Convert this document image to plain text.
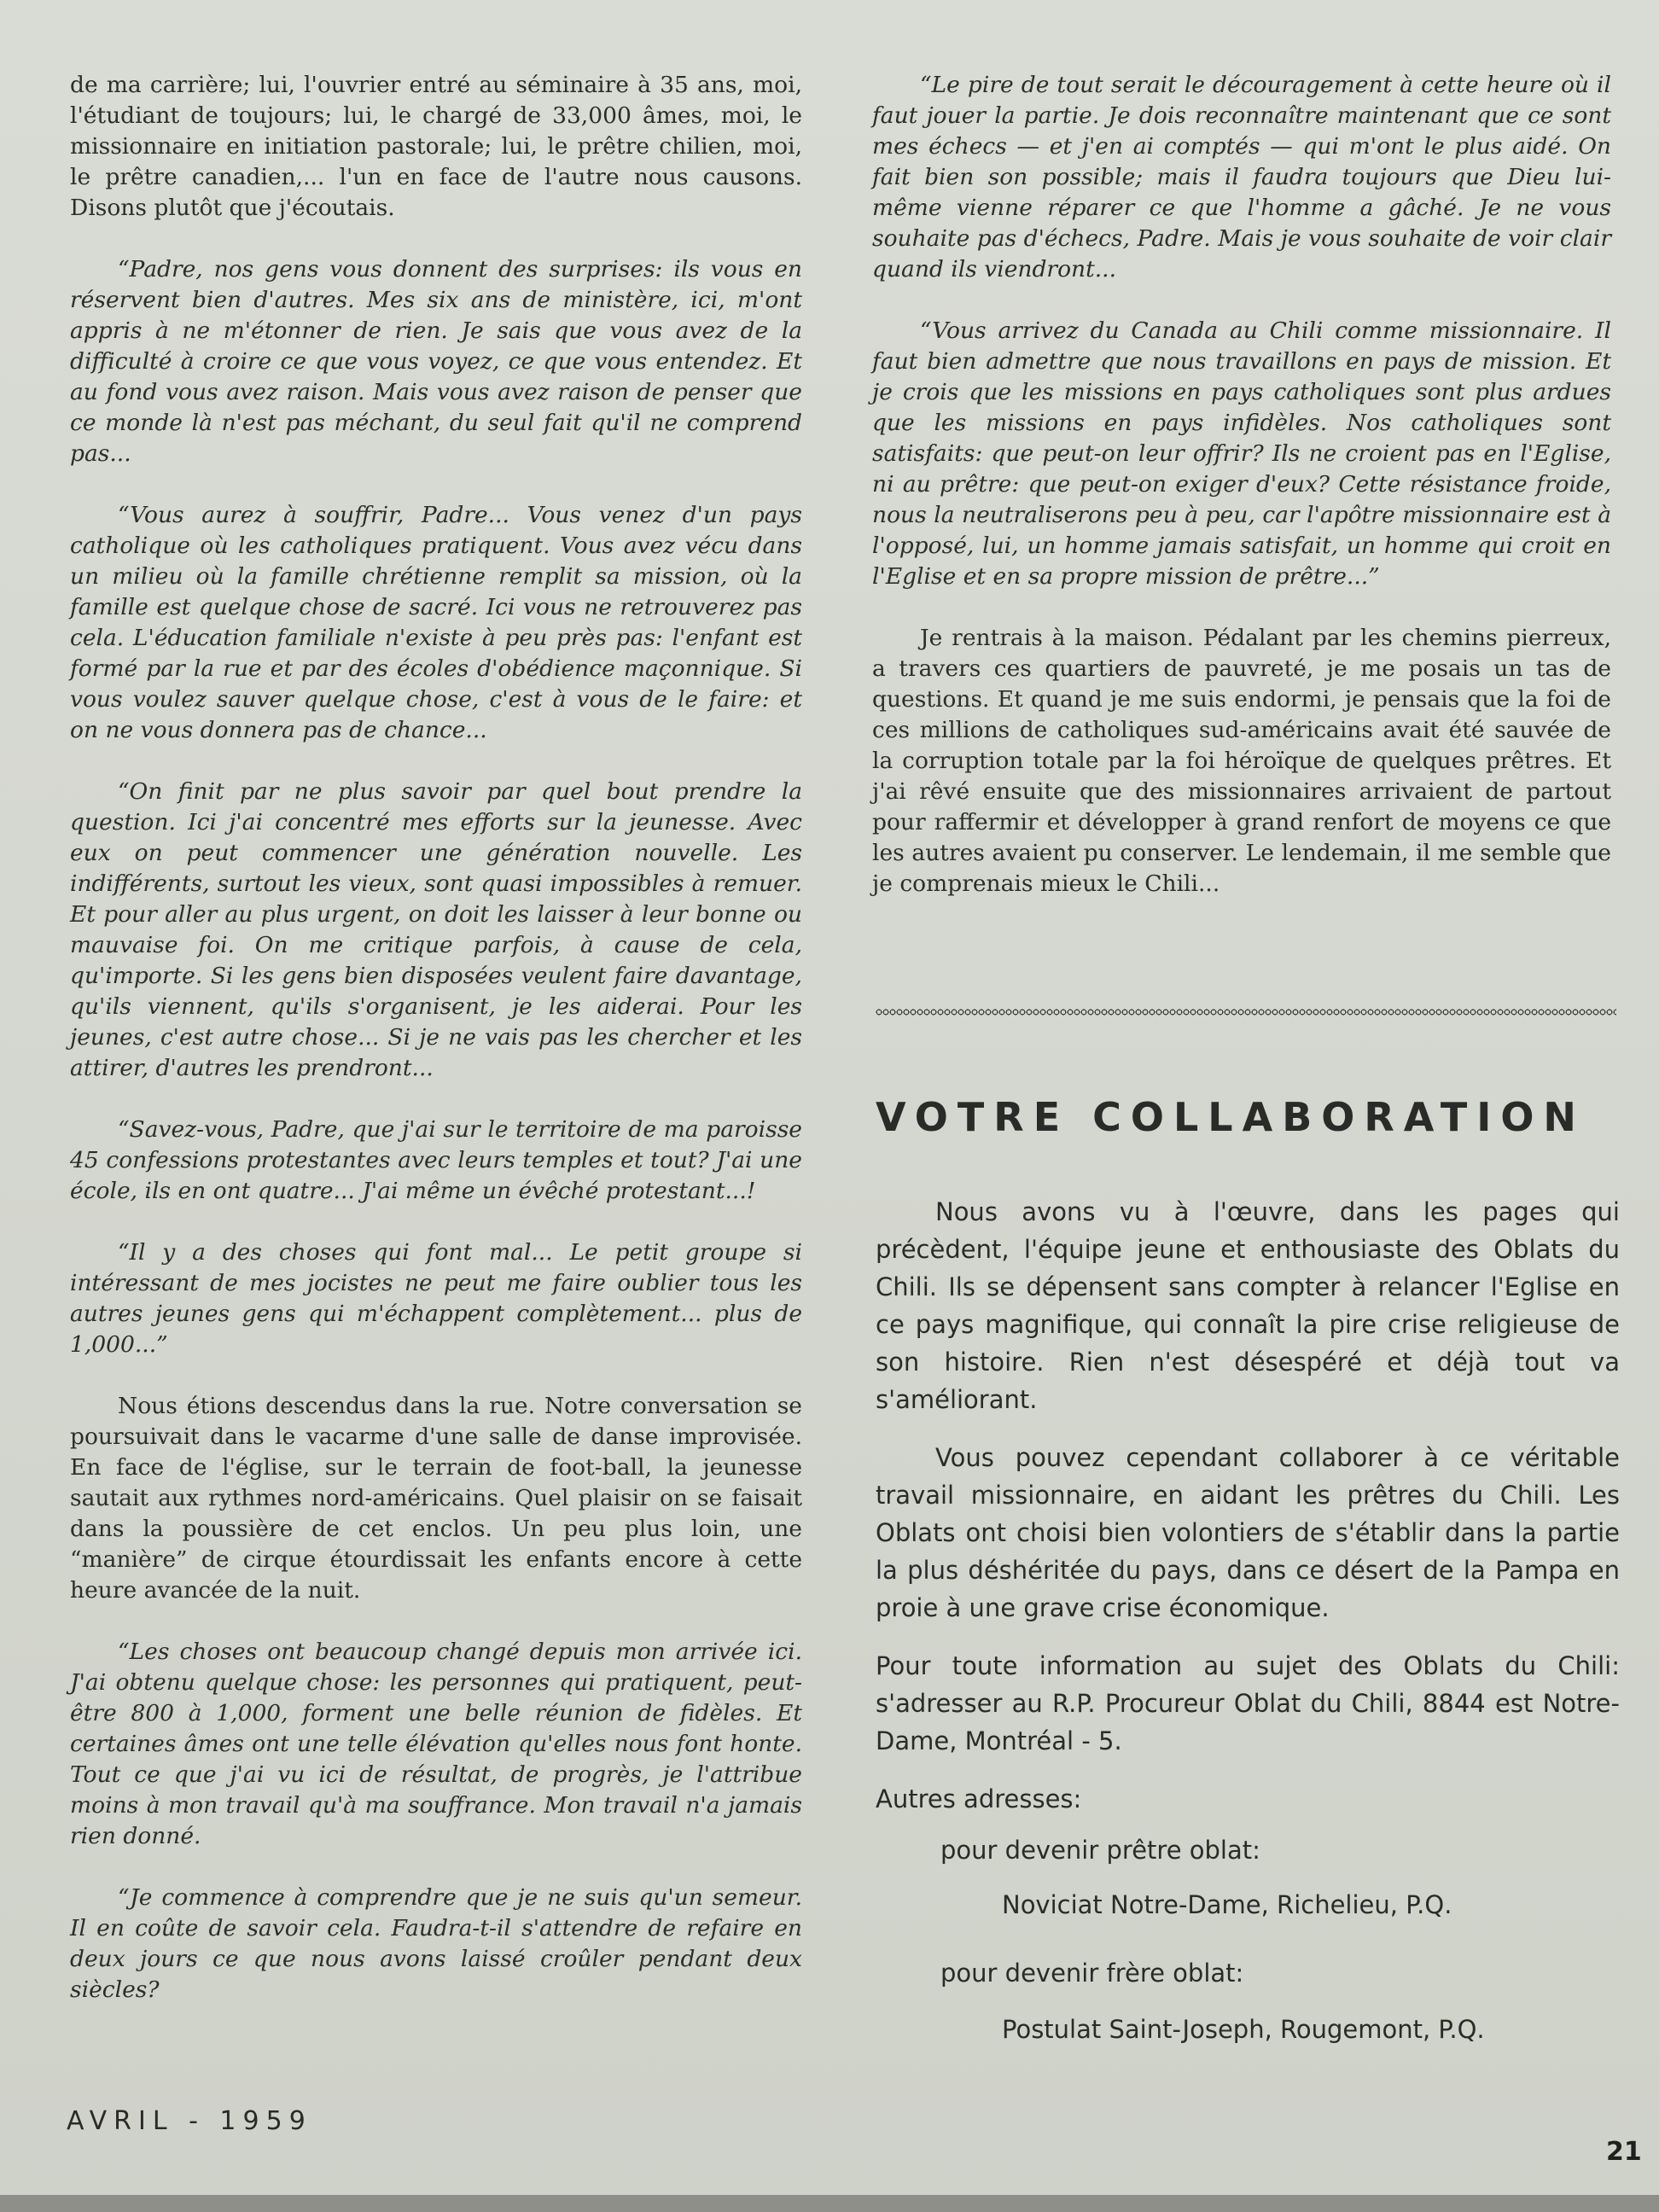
de ma carrière; lui, l'ouvrier entré au séminaire à 35 ans, moi, l'étudiant de toujours; lui, le chargé de 33,000 âmes, moi, le missionnaire en initiation pastorale; lui, le prêtre chilien, moi, le prêtre canadien,... l'un en face de l'autre nous causons. Disons plutôt que j'écoutais.

“Padre, nos gens vous donnent des surprises: ils vous en réservent bien d'autres. Mes six ans de ministère, ici, m'ont appris à ne m'étonner de rien. Je sais que vous avez de la difficulté à croire ce que vous voyez, ce que vous entendez. Et au fond vous avez raison. Mais vous avez raison de penser que ce monde là n'est pas méchant, du seul fait qu'il ne comprend pas...

“Vous aurez à souffrir, Padre... Vous venez d'un pays catholique où les catholiques pratiquent. Vous avez vécu dans un milieu où la famille chrétienne remplit sa mission, où la famille est quelque chose de sacré. Ici vous ne retrouverez pas cela. L'éducation familiale n'existe à peu près pas: l'enfant est formé par la rue et par des écoles d'obédience maçonnique. Si vous voulez sauver quelque chose, c'est à vous de le faire: et on ne vous donnera pas de chance...

“On finit par ne plus savoir par quel bout prendre la question. Ici j'ai concentré mes efforts sur la jeunesse. Avec eux on peut commencer une génération nouvelle. Les indifférents, surtout les vieux, sont quasi impossibles à remuer. Et pour aller au plus urgent, on doit les laisser à leur bonne ou mauvaise foi. On me critique parfois, à cause de cela, qu'importe. Si les gens bien disposées veulent faire davantage, qu'ils viennent, qu'ils s'organisent, je les aiderai. Pour les jeunes, c'est autre chose... Si je ne vais pas les chercher et les attirer, d'autres les prendront...

“Savez-vous, Padre, que j'ai sur le territoire de ma paroisse 45 confessions protestantes avec leurs temples et tout? J'ai une école, ils en ont quatre... J'ai même un évêché protestant...!

“Il y a des choses qui font mal... Le petit groupe si intéressant de mes jocistes ne peut me faire oublier tous les autres jeunes gens qui m'échappent complètement... plus de 1,000...”

Nous étions descendus dans la rue. Notre conversation se poursuivait dans le vacarme d'une salle de danse improvisée. En face de l'église, sur le terrain de foot-ball, la jeunesse sautait aux rythmes nord-américains. Quel plaisir on se faisait dans la poussière de cet enclos. Un peu plus loin, une “manière” de cirque étourdissait les enfants encore à cette heure avancée de la nuit.

“Les choses ont beaucoup changé depuis mon arrivée ici. J'ai obtenu quelque chose: les personnes qui pratiquent, peut-être 800 à 1,000, forment une belle réunion de fidèles. Et certaines âmes ont une telle élévation qu'elles nous font honte. Tout ce que j'ai vu ici de résultat, de progrès, je l'attribue moins à mon travail qu'à ma souffrance. Mon travail n'a jamais rien donné.

“Je commence à comprendre que je ne suis qu'un semeur. Il en coûte de savoir cela. Faudra-t-il s'attendre de refaire en deux jours ce que nous avons laissé croûler pendant deux siècles?

“Le pire de tout serait le découragement à cette heure où il faut jouer la partie. Je dois reconnaître maintenant que ce sont mes échecs — et j'en ai comptés — qui m'ont le plus aidé. On fait bien son possible; mais il faudra toujours que Dieu lui-même vienne réparer ce que l'homme a gâché. Je ne vous souhaite pas d'échecs, Padre. Mais je vous souhaite de voir clair quand ils viendront...

“Vous arrivez du Canada au Chili comme missionnaire. Il faut bien admettre que nous travaillons en pays de mission. Et je crois que les missions en pays catholiques sont plus ardues que les missions en pays infidèles. Nos catholiques sont satisfaits: que peut-on leur offrir? Ils ne croient pas en l'Eglise, ni au prêtre: que peut-on exiger d'eux? Cette résistance froide, nous la neutraliserons peu à peu, car l'apôtre missionnaire est à l'opposé, lui, un homme jamais satisfait, un homme qui croit en l'Eglise et en sa propre mission de prêtre...”

Je rentrais à la maison. Pédalant par les chemins pierreux, a travers ces quartiers de pauvreté, je me posais un tas de questions. Et quand je me suis endormi, je pensais que la foi de ces millions de catholiques sud-américains avait été sauvée de la corruption totale par la foi héroïque de quelques prêtres. Et j'ai rêvé ensuite que des missionnaires arrivaient de partout pour raffermir et développer à grand renfort de moyens ce que les autres avaient pu conserver. Le lendemain, il me semble que je comprenais mieux le Chili...

VOTRE COLLABORATION

Nous avons vu à l'œuvre, dans les pages qui précèdent, l'équipe jeune et enthousiaste des Oblats du Chili. Ils se dépensent sans compter à relancer l'Eglise en ce pays magnifique, qui connaît la pire crise religieuse de son histoire. Rien n'est désespéré et déjà tout va s'améliorant.

Vous pouvez cependant collaborer à ce véritable travail missionnaire, en aidant les prêtres du Chili. Les Oblats ont choisi bien volontiers de s'établir dans la partie la plus déshéritée du pays, dans ce désert de la Pampa en proie à une grave crise économique.

Pour toute information au sujet des Oblats du Chili: s'adresser au R.P. Procureur Oblat du Chili, 8844 est Notre-Dame, Montréal - 5.

Autres adresses:

pour devenir prêtre oblat:

Noviciat Notre-Dame, Richelieu, P.Q.

pour devenir frère oblat:

Postulat Saint-Joseph, Rougemont, P.Q.

AVRIL - 1959
21
